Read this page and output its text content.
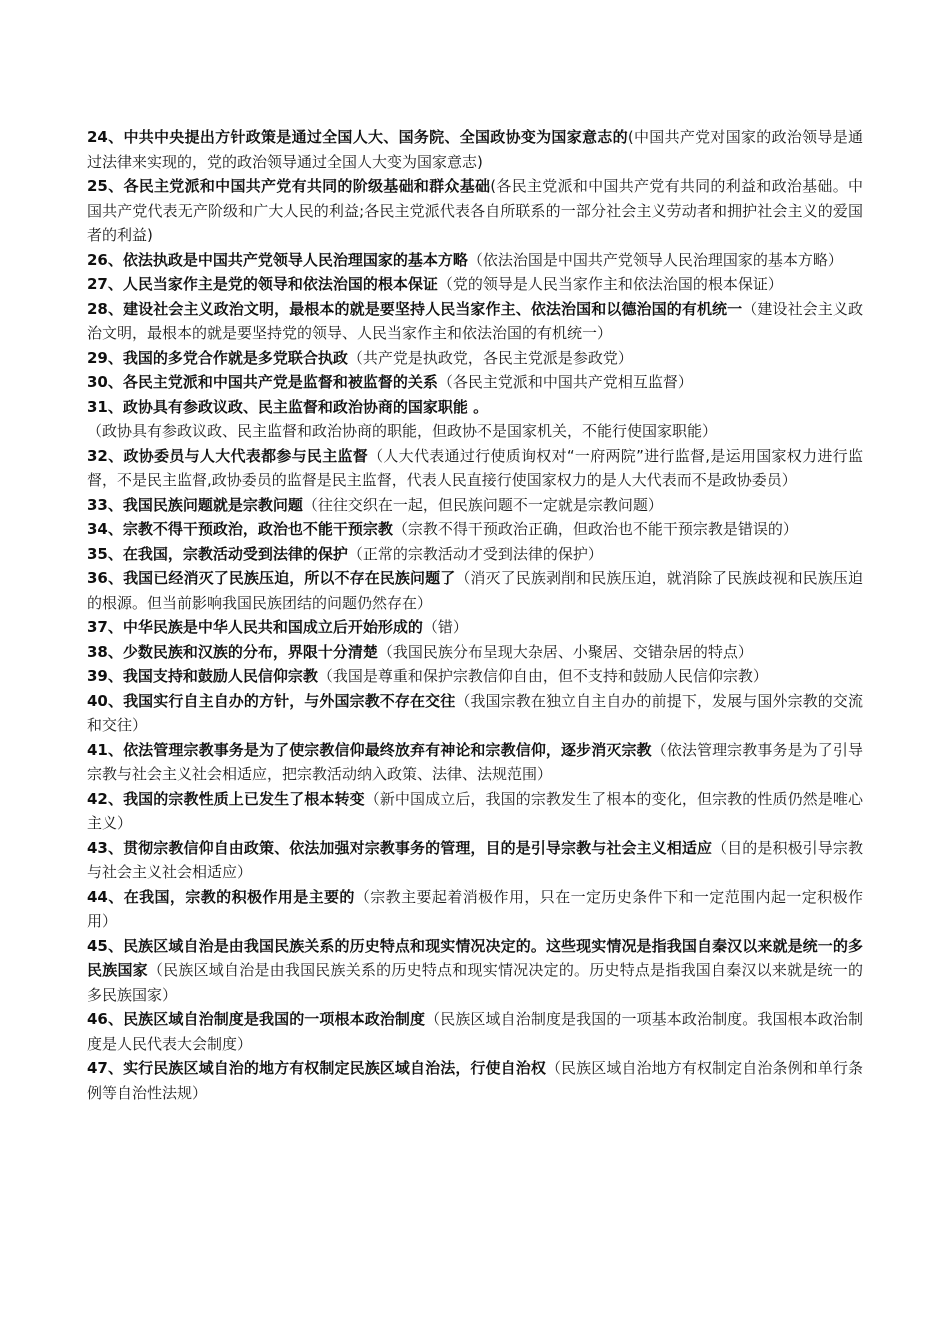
24、中共中央提出方针政策是通过全国人大、国务院、全国政协变为国家意志的(中国共产党对国家的政治领导是通过法律来实现的，党的政治领导通过全国人大变为国家意志)

25、各民主党派和中国共产党有共同的阶级基础和群众基础(各民主党派和中国共产党有共同的利益和政治基础。中国共产党代表无产阶级和广大人民的利益;各民主党派代表各自所联系的一部分社会主义劳动者和拥护社会主义的爱国者的利益)

26、依法执政是中国共产党领导人民治理国家的基本方略（依法治国是中国共产党领导人民治理国家的基本方略）

27、人民当家作主是党的领导和依法治国的根本保证（党的领导是人民当家作主和依法治国的根本保证）

28、建设社会主义政治文明，最根本的就是要坚持人民当家作主、依法治国和以德治国的有机统一（建设社会主义政治文明，最根本的就是要坚持党的领导、人民当家作主和依法治国的有机统一）

29、我国的多党合作就是多党联合执政（共产党是执政党，各民主党派是参政党）

30、各民主党派和中国共产党是监督和被监督的关系（各民主党派和中国共产党相互监督）

31、政协具有参政议政、民主监督和政治协商的国家职能 。

（政协具有参政议政、民主监督和政治协商的职能，但政协不是国家机关，不能行使国家职能）

32、政协委员与人大代表都参与民主监督（人大代表通过行使质询权对“一府两院”进行监督,是运用国家权力进行监督，不是民主监督,政协委员的监督是民主监督，代表人民直接行使国家权力的是人大代表而不是政协委员）

33、我国民族问题就是宗教问题（往往交织在一起，但民族问题不一定就是宗教问题）

34、宗教不得干预政治，政治也不能干预宗教（宗教不得干预政治正确，但政治也不能干预宗教是错误的）

35、在我国，宗教活动受到法律的保护（正常的宗教活动才受到法律的保护）

36、我国已经消灭了民族压迫，所以不存在民族问题了（消灭了民族剥削和民族压迫，就消除了民族歧视和民族压迫的根源。但当前影响我国民族团结的问题仍然存在）

37、中华民族是中华人民共和国成立后开始形成的（错）

38、少数民族和汉族的分布，界限十分清楚（我国民族分布呈现大杂居、小聚居、交错杂居的特点）

39、我国支持和鼓励人民信仰宗教（我国是尊重和保护宗教信仰自由，但不支持和鼓励人民信仰宗教）

40、我国实行自主自办的方针，与外国宗教不存在交往（我国宗教在独立自主自办的前提下，发展与国外宗教的交流和交往）

41、依法管理宗教事务是为了使宗教信仰最终放弃有神论和宗教信仰，逐步消灭宗教（依法管理宗教事务是为了引导宗教与社会主义社会相适应，把宗教活动纳入政策、法律、法规范围）

42、我国的宗教性质上已发生了根本转变（新中国成立后，我国的宗教发生了根本的变化，但宗教的性质仍然是唯心主义）

43、贯彻宗教信仰自由政策、依法加强对宗教事务的管理，目的是引导宗教与社会主义相适应（目的是积极引导宗教与社会主义社会相适应）

44、在我国，宗教的积极作用是主要的（宗教主要起着消极作用，只在一定历史条件下和一定范围内起一定积极作用）

45、民族区域自治是由我国民族关系的历史特点和现实情况决定的。这些现实情况是指我国自秦汉以来就是统一的多民族国家（民族区域自治是由我国民族关系的历史特点和现实情况决定的。历史特点是指我国自秦汉以来就是统一的多民族国家）

46、民族区域自治制度是我国的一项根本政治制度（民族区域自治制度是我国的一项基本政治制度。我国根本政治制度是人民代表大会制度）

47、实行民族区域自治的地方有权制定民族区域自治法，行使自治权（民族区域自治地方有权制定自治条例和单行条例等自治性法规）
